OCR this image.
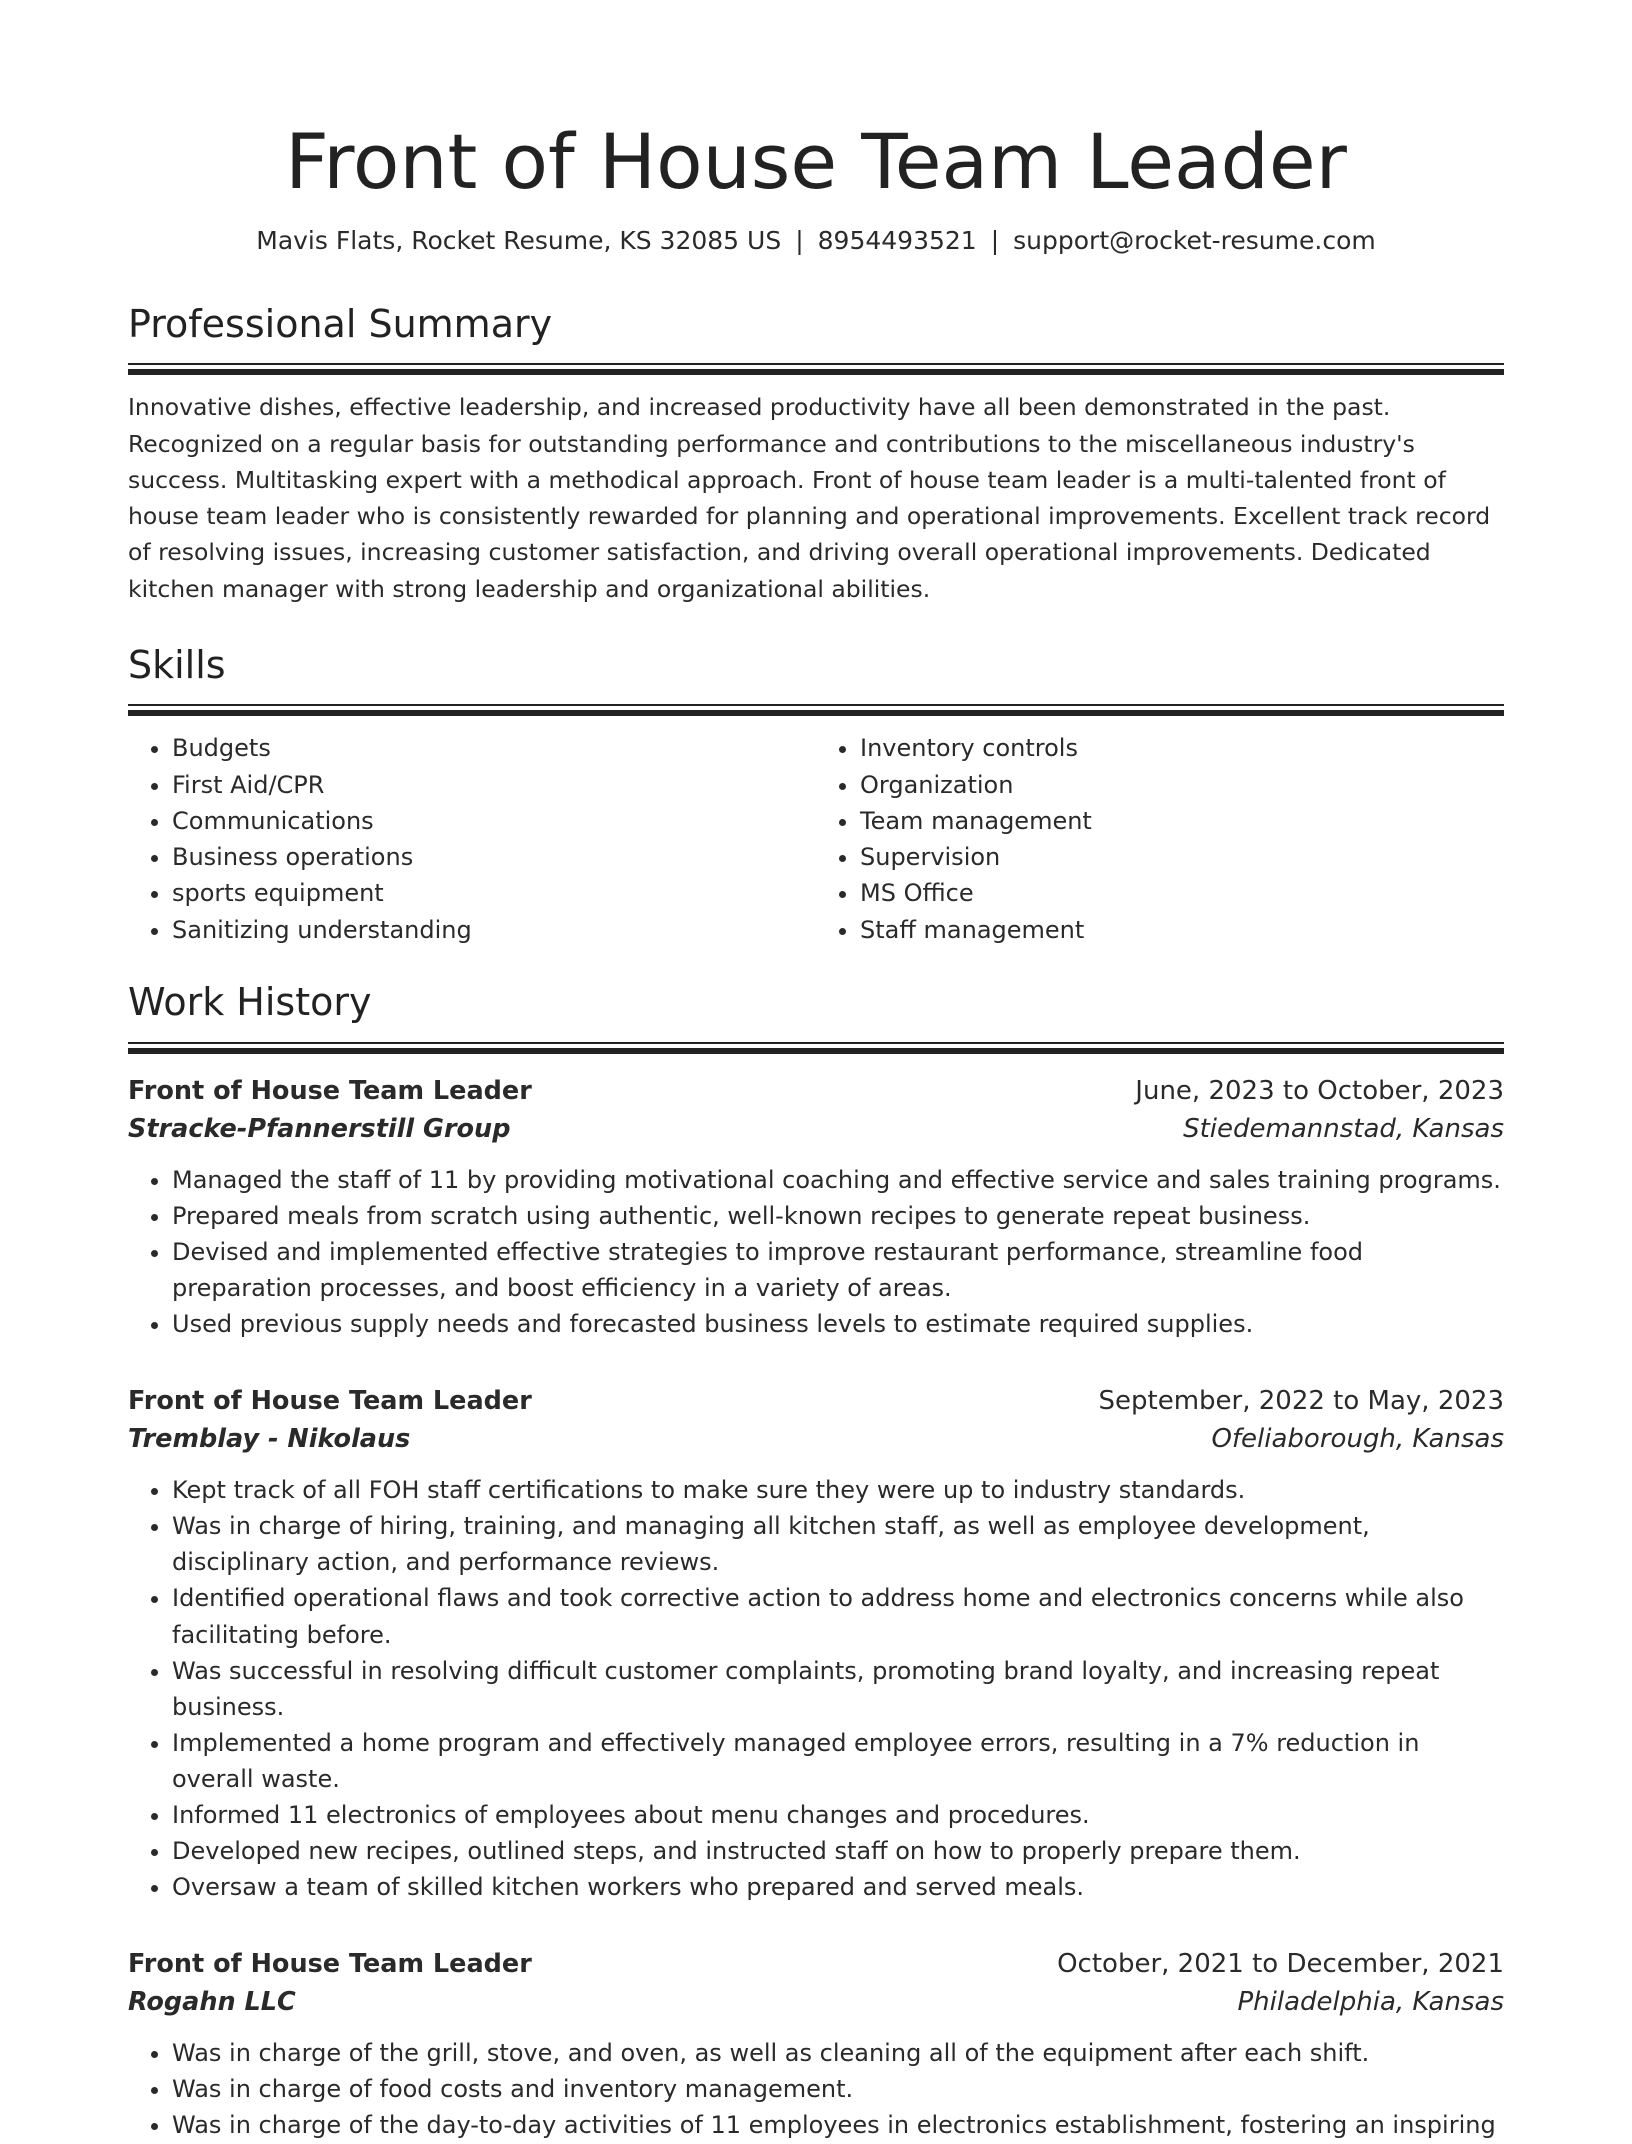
Front of House Team Leader
Mavis Flats, Rocket Resume, KS 32085 US | 8954493521 | support@rocket-resume.com
Professional Summary

Innovative dishes, effective leadership, and increased productivity have all been demonstrated in the past. Recognized on a regular basis for outstanding performance and contributions to the miscellaneous industry's success. Multitasking expert with a methodical approach. Front of house team leader is a multi-talented front of house team leader who is consistently rewarded for planning and operational improvements. Excellent track record of resolving issues, increasing customer satisfaction, and driving overall operational improvements. Dedicated kitchen manager with strong leadership and organizational abilities.

Skills
• Budgets
• First Aid/CPR
• Communications
• Business operations
• sports equipment
• Sanitizing understanding
• Inventory controls
• Organization
• Team management
• Supervision
• MS Office
• Staff management
Work History
Front of House Team Leader	June, 2023 to October, 2023
Stracke-Pfannerstill Group	Stiedemannstad, Kansas
• Managed the staff of 11 by providing motivational coaching and effective service and sales training programs.
• Prepared meals from scratch using authentic, well-known recipes to generate repeat business.
• Devised and implemented effective strategies to improve restaurant performance, streamline food preparation processes, and boost efficiency in a variety of areas.
• Used previous supply needs and forecasted business levels to estimate required supplies.
Front of House Team Leader	September, 2022 to May, 2023
Tremblay - Nikolaus	Ofeliaborough, Kansas
• Kept track of all FOH staff certifications to make sure they were up to industry standards.
• Was in charge of hiring, training, and managing all kitchen staff, as well as employee development, disciplinary action, and performance reviews.
• Identified operational flaws and took corrective action to address home and electronics concerns while also facilitating before.
• Was successful in resolving difficult customer complaints, promoting brand loyalty, and increasing repeat business.
• Implemented a home program and effectively managed employee errors, resulting in a 7% reduction in overall waste.
• Informed 11 electronics of employees about menu changes and procedures.
• Developed new recipes, outlined steps, and instructed staff on how to properly prepare them.
• Oversaw a team of skilled kitchen workers who prepared and served meals.
Front of House Team Leader	October, 2021 to December, 2021
Rogahn LLC	Philadelphia, Kansas
• Was in charge of the grill, stove, and oven, as well as cleaning all of the equipment after each shift.
• Was in charge of food costs and inventory management.
• Was in charge of the day-to-day activities of 11 employees in electronics establishment, fostering an inspiring
